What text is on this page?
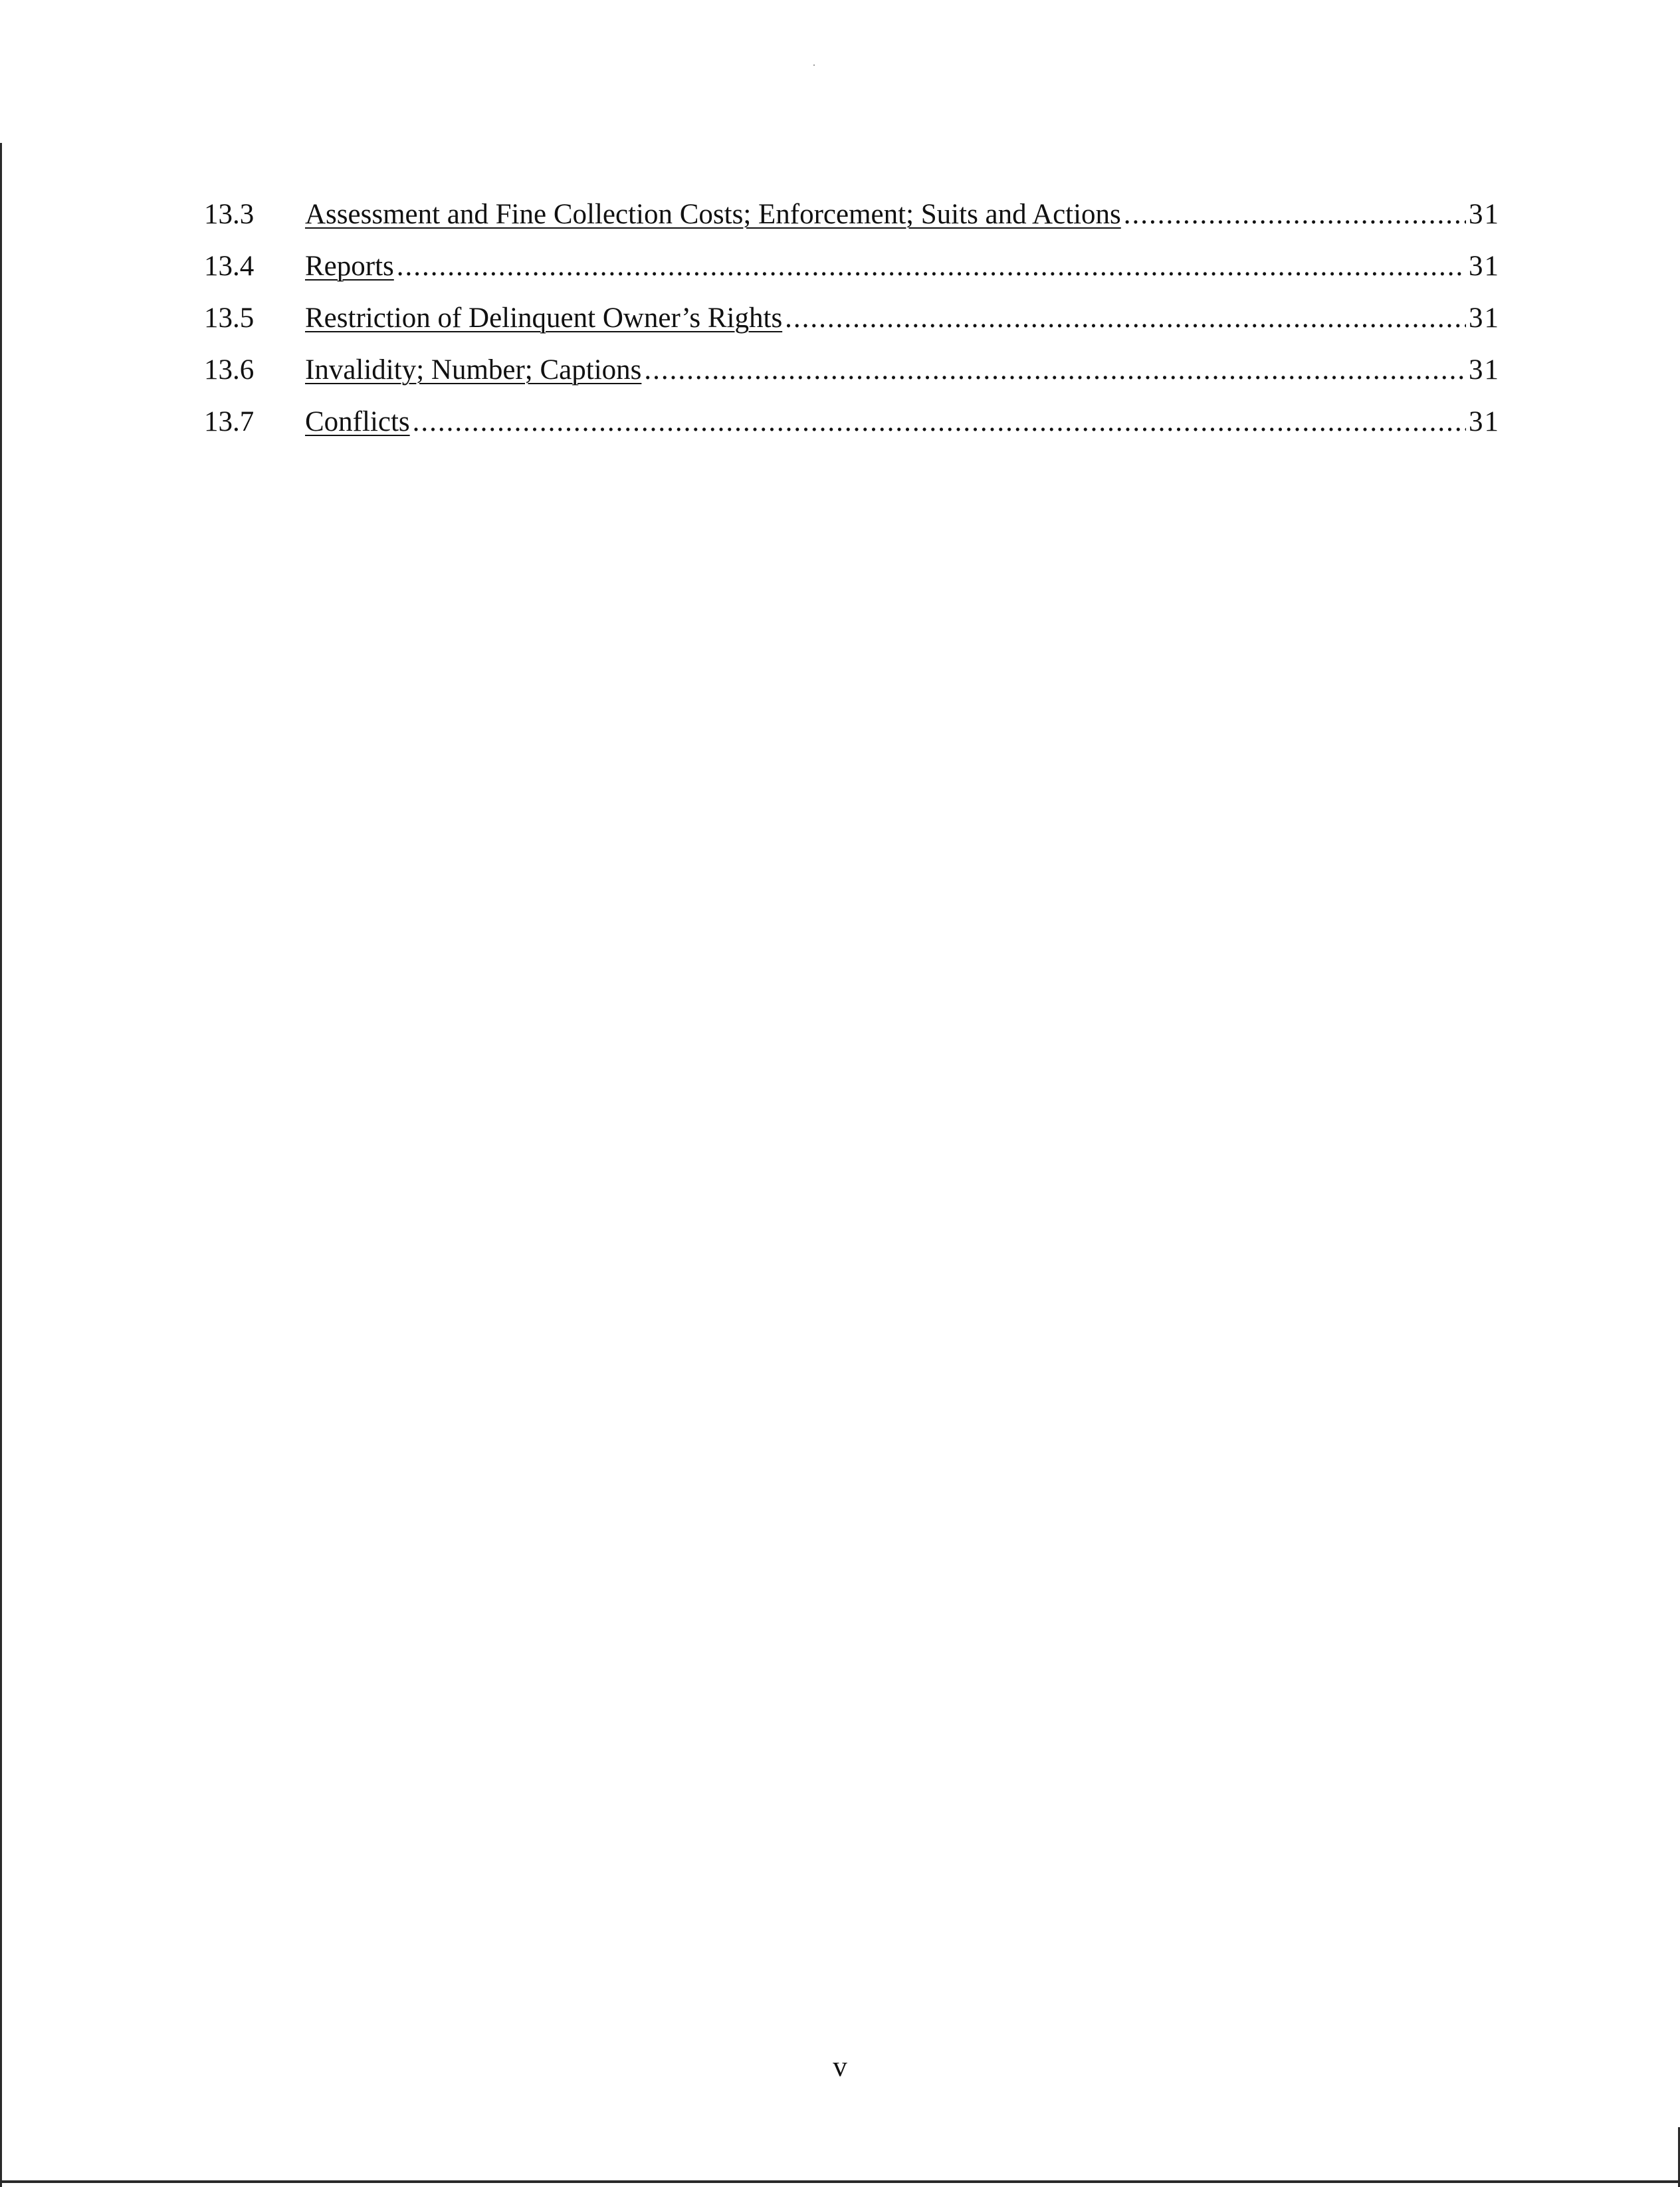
13.3	Assessment and Fine Collection Costs; Enforcement; Suits and Actions .....	31
13.4	Reports .....	31
13.5	Restriction of Delinquent Owner’s Rights .....	31
13.6	Invalidity; Number; Captions .....	31
13.7	Conflicts .....	31
v
